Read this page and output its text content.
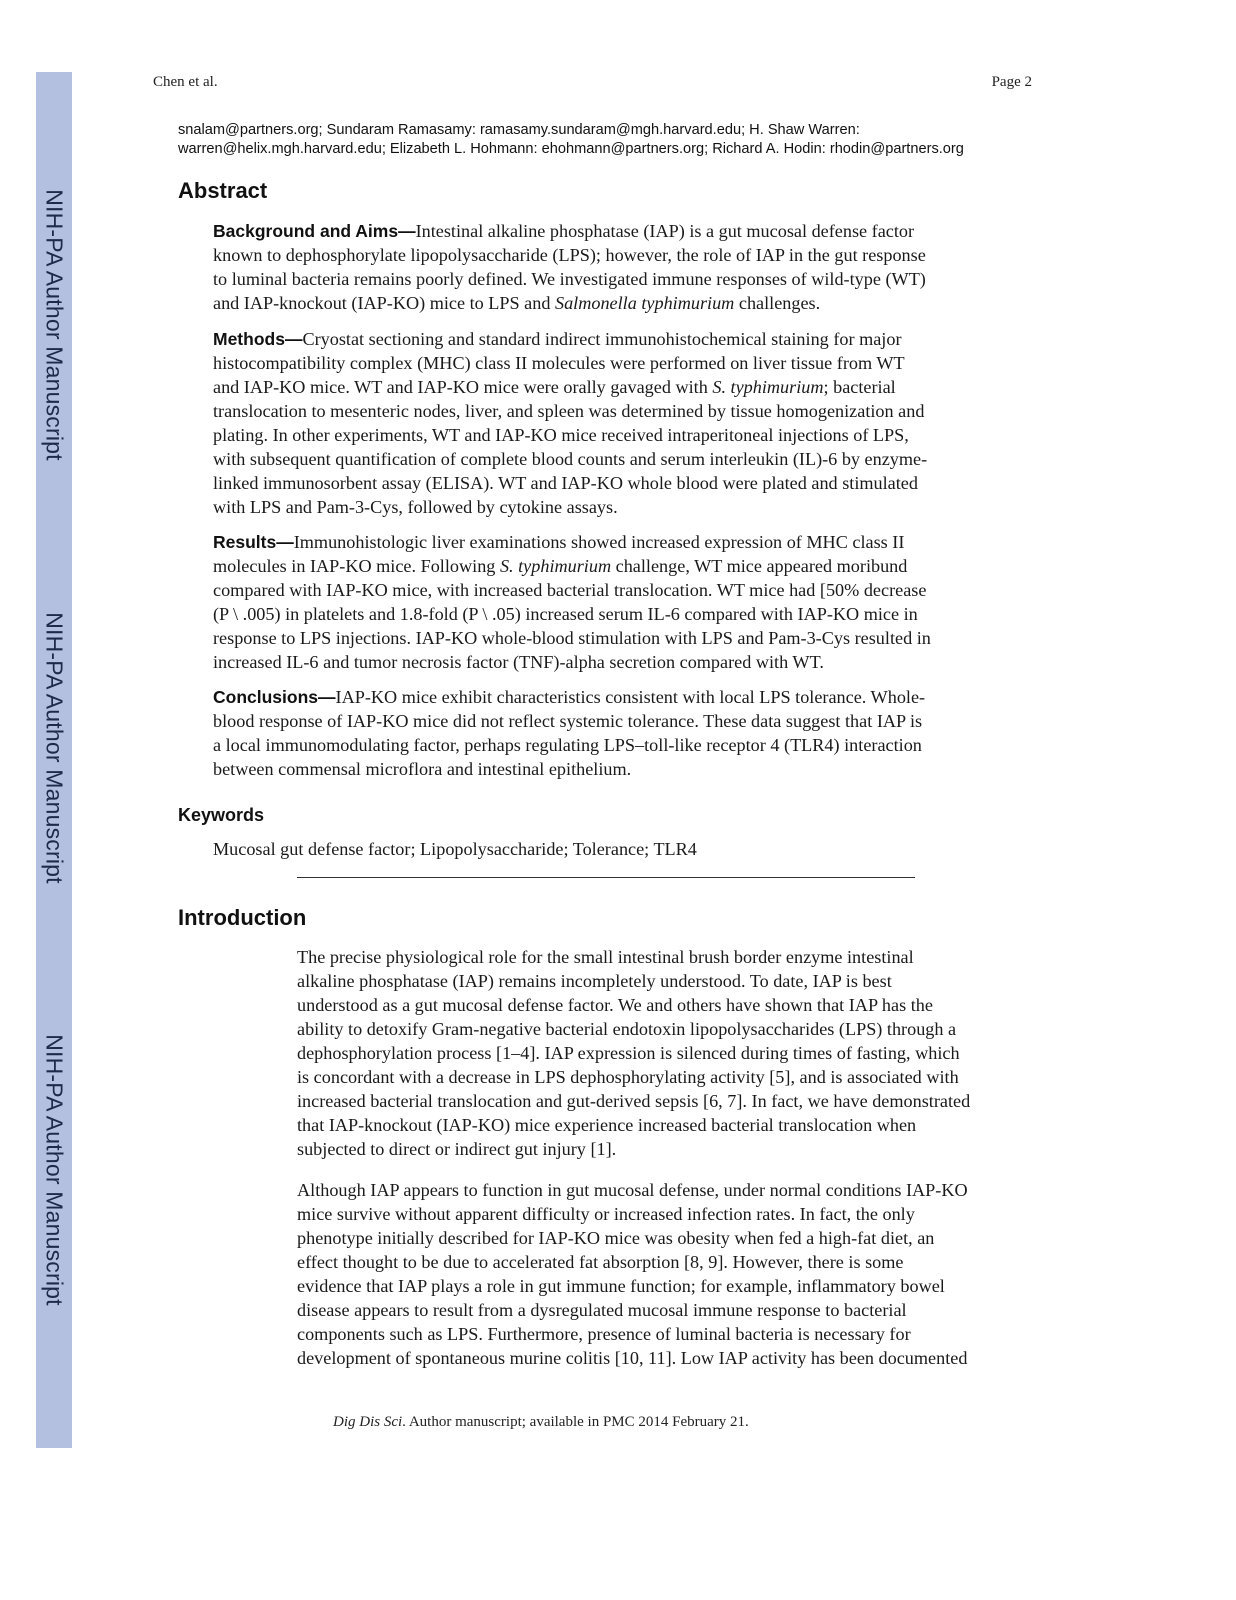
NIH-PA Author Manuscript
NIH-PA Author Manuscript
NIH-PA Author Manuscript
Chen et al.	Page 2
snalam@partners.org; Sundaram Ramasamy: ramasamy.sundaram@mgh.harvard.edu; H. Shaw Warren:
warren@helix.mgh.harvard.edu; Elizabeth L. Hohmann: ehohmann@partners.org; Richard A. Hodin: rhodin@partners.org
Abstract
Background and Aims—Intestinal alkaline phosphatase (IAP) is a gut mucosal defense factor
known to dephosphorylate lipopolysaccharide (LPS); however, the role of IAP in the gut response
to luminal bacteria remains poorly defined. We investigated immune responses of wild-type (WT)
and IAP-knockout (IAP-KO) mice to LPS and Salmonella typhimurium challenges.
Methods—Cryostat sectioning and standard indirect immunohistochemical staining for major
histocompatibility complex (MHC) class II molecules were performed on liver tissue from WT
and IAP-KO mice. WT and IAP-KO mice were orally gavaged with S. typhimurium; bacterial
translocation to mesenteric nodes, liver, and spleen was determined by tissue homogenization and
plating. In other experiments, WT and IAP-KO mice received intraperitoneal injections of LPS,
with subsequent quantification of complete blood counts and serum interleukin (IL)-6 by enzyme-
linked immunosorbent assay (ELISA). WT and IAP-KO whole blood were plated and stimulated
with LPS and Pam-3-Cys, followed by cytokine assays.
Results—Immunohistologic liver examinations showed increased expression of MHC class II
molecules in IAP-KO mice. Following S. typhimurium challenge, WT mice appeared moribund
compared with IAP-KO mice, with increased bacterial translocation. WT mice had [50% decrease
(P \ .005) in platelets and 1.8-fold (P \ .05) increased serum IL-6 compared with IAP-KO mice in
response to LPS injections. IAP-KO whole-blood stimulation with LPS and Pam-3-Cys resulted in
increased IL-6 and tumor necrosis factor (TNF)-alpha secretion compared with WT.
Conclusions—IAP-KO mice exhibit characteristics consistent with local LPS tolerance. Whole-
blood response of IAP-KO mice did not reflect systemic tolerance. These data suggest that IAP is
a local immunomodulating factor, perhaps regulating LPS–toll-like receptor 4 (TLR4) interaction
between commensal microflora and intestinal epithelium.
Keywords
Mucosal gut defense factor; Lipopolysaccharide; Tolerance; TLR4
Introduction
The precise physiological role for the small intestinal brush border enzyme intestinal
alkaline phosphatase (IAP) remains incompletely understood. To date, IAP is best
understood as a gut mucosal defense factor. We and others have shown that IAP has the
ability to detoxify Gram-negative bacterial endotoxin lipopolysaccharides (LPS) through a
dephosphorylation process [1–4]. IAP expression is silenced during times of fasting, which
is concordant with a decrease in LPS dephosphorylating activity [5], and is associated with
increased bacterial translocation and gut-derived sepsis [6, 7]. In fact, we have demonstrated
that IAP-knockout (IAP-KO) mice experience increased bacterial translocation when
subjected to direct or indirect gut injury [1].
Although IAP appears to function in gut mucosal defense, under normal conditions IAP-KO
mice survive without apparent difficulty or increased infection rates. In fact, the only
phenotype initially described for IAP-KO mice was obesity when fed a high-fat diet, an
effect thought to be due to accelerated fat absorption [8, 9]. However, there is some
evidence that IAP plays a role in gut immune function; for example, inflammatory bowel
disease appears to result from a dysregulated mucosal immune response to bacterial
components such as LPS. Furthermore, presence of luminal bacteria is necessary for
development of spontaneous murine colitis [10, 11]. Low IAP activity has been documented
Dig Dis Sci. Author manuscript; available in PMC 2014 February 21.
